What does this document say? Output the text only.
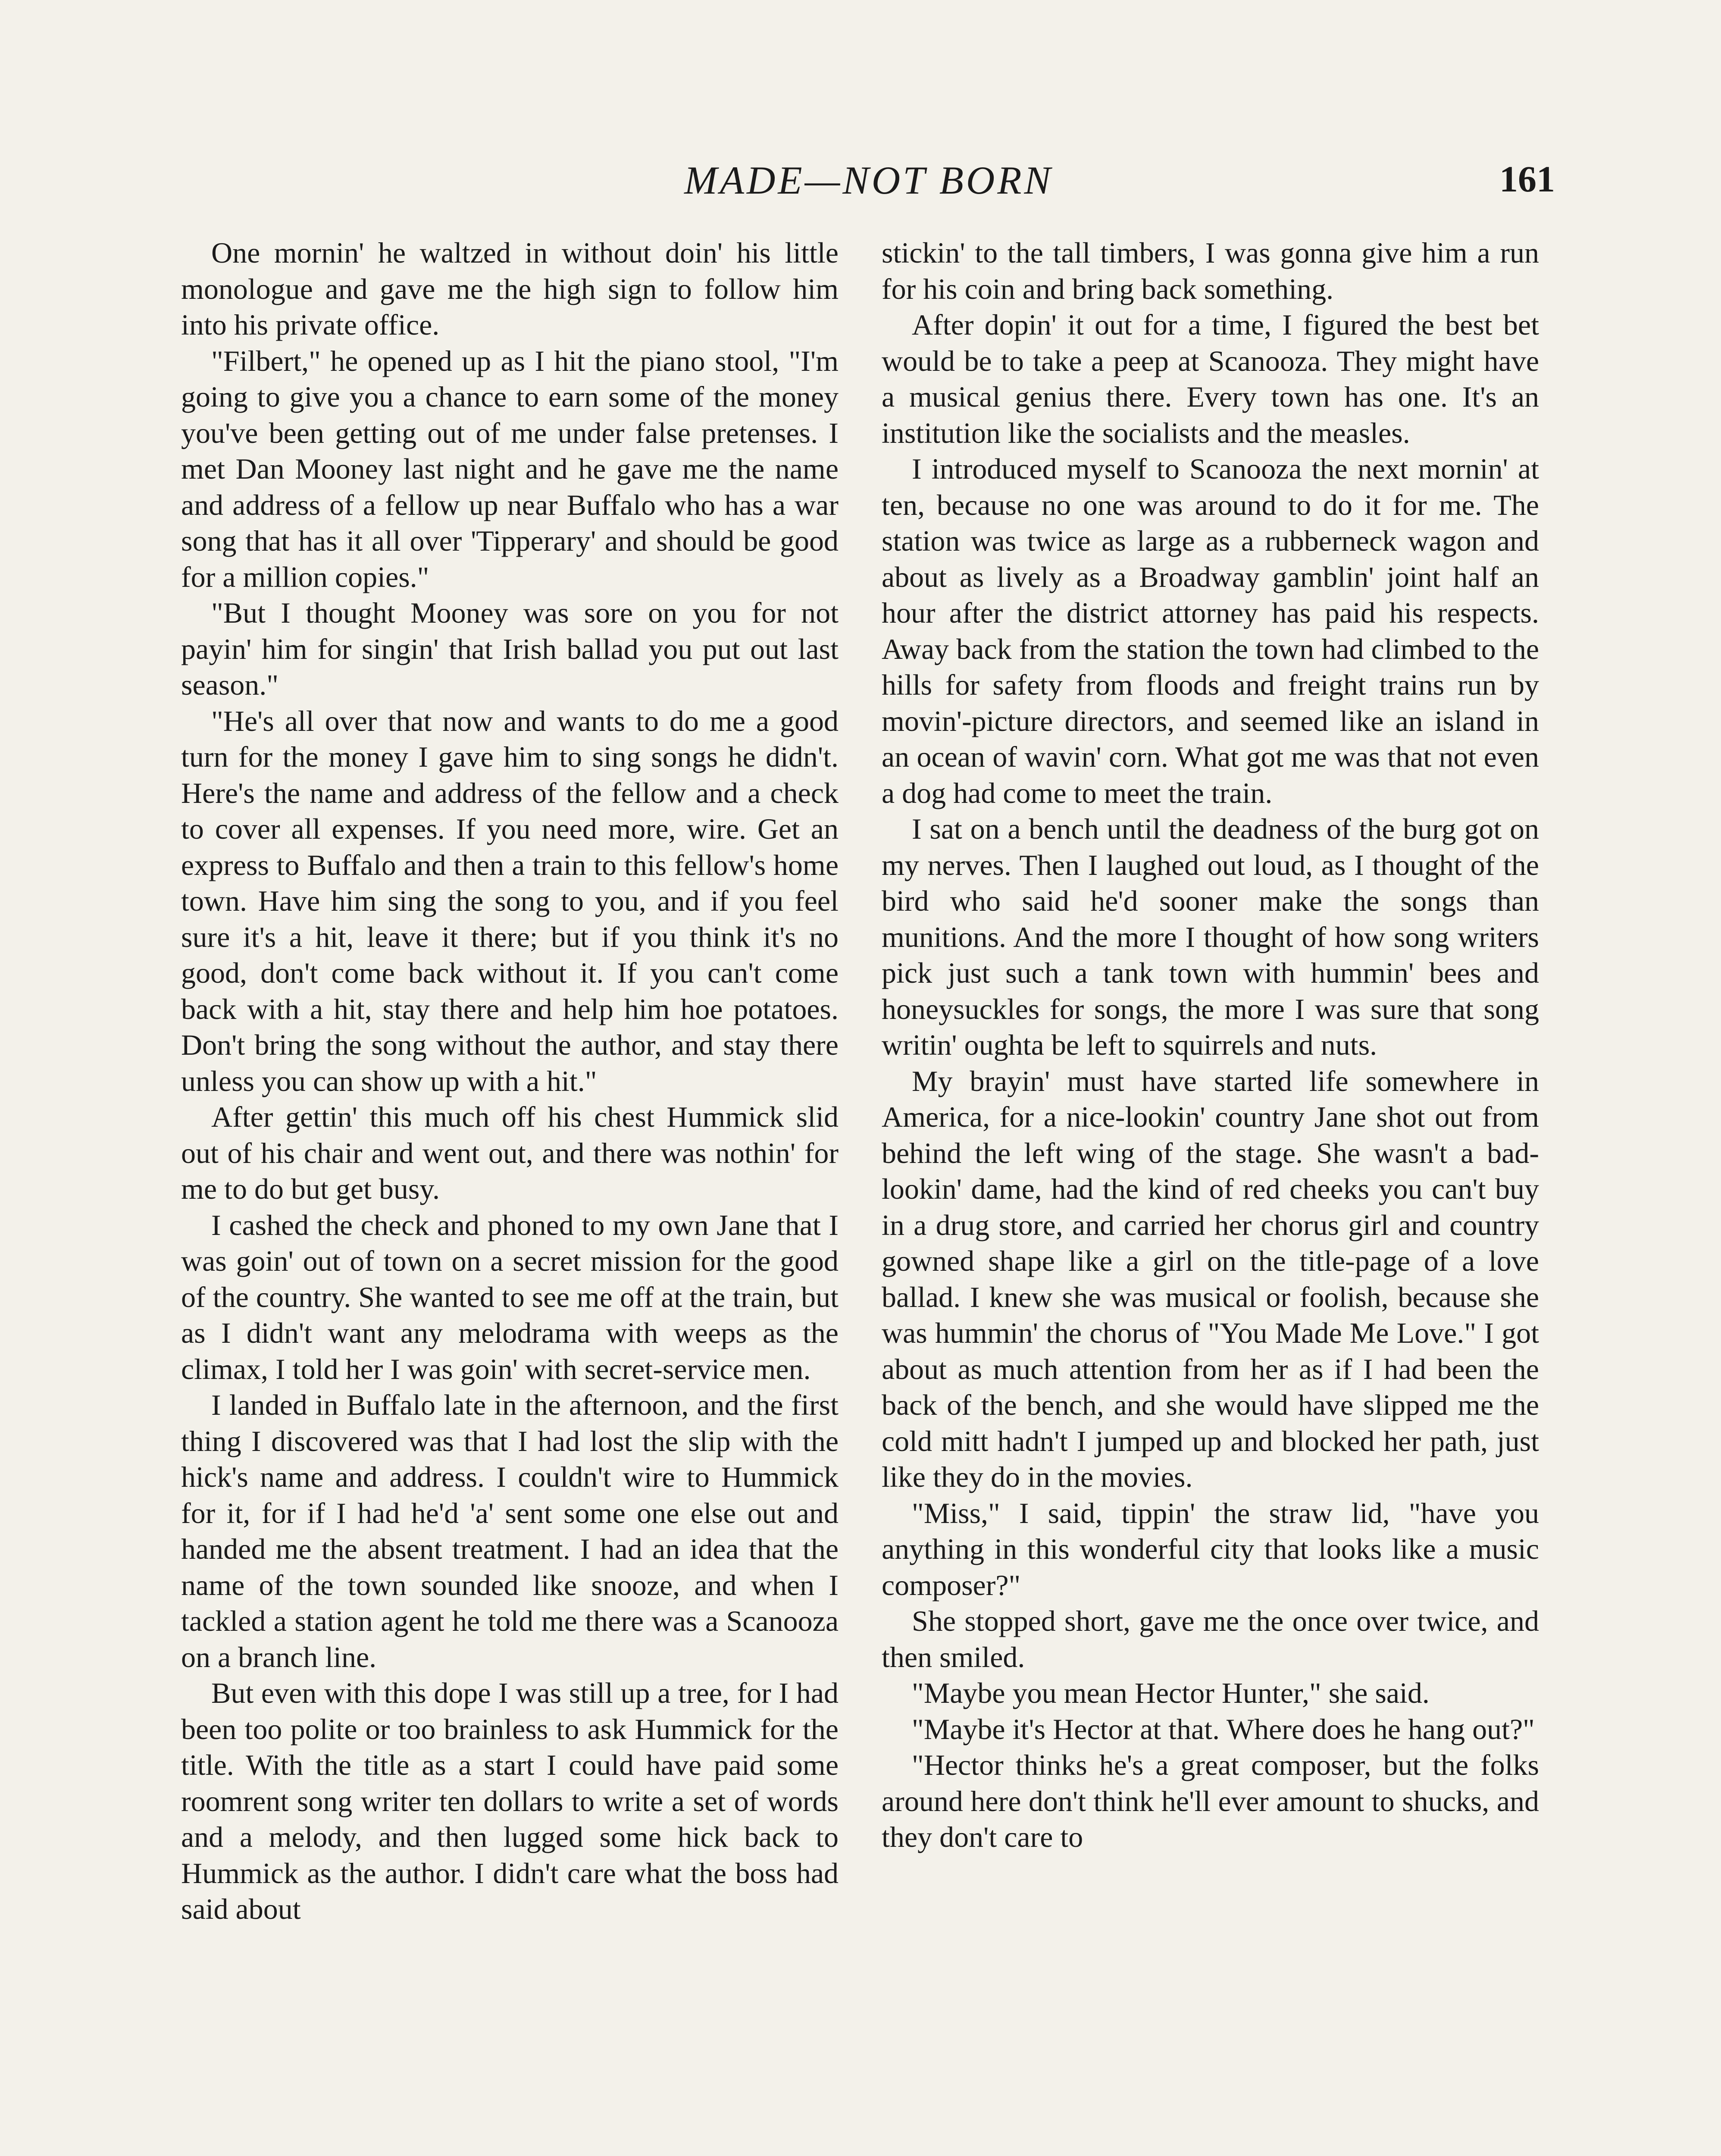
MADE—NOT BORN	161

One mornin' he waltzed in without doin' his little monologue and gave me the high sign to follow him into his private office.

"Filbert," he opened up as I hit the piano stool, "I'm going to give you a chance to earn some of the money you've been getting out of me under false pretenses. I met Dan Mooney last night and he gave me the name and address of a fellow up near Buffalo who has a war song that has it all over 'Tipperary' and should be good for a million copies."

"But I thought Mooney was sore on you for not payin' him for singin' that Irish ballad you put out last season."

"He's all over that now and wants to do me a good turn for the money I gave him to sing songs he didn't. Here's the name and address of the fellow and a check to cover all expenses. If you need more, wire. Get an express to Buffalo and then a train to this fellow's home town. Have him sing the song to you, and if you feel sure it's a hit, leave it there; but if you think it's no good, don't come back without it. If you can't come back with a hit, stay there and help him hoe potatoes. Don't bring the song without the author, and stay there unless you can show up with a hit."

After gettin' this much off his chest Hummick slid out of his chair and went out, and there was nothin' for me to do but get busy.

I cashed the check and phoned to my own Jane that I was goin' out of town on a secret mission for the good of the country. She wanted to see me off at the train, but as I didn't want any melodrama with weeps as the climax, I told her I was goin' with secret-service men.

I landed in Buffalo late in the afternoon, and the first thing I discovered was that I had lost the slip with the hick's name and address. I couldn't wire to Hummick for it, for if I had he'd 'a' sent some one else out and handed me the absent treatment. I had an idea that the name of the town sounded like snooze, and when I tackled a station agent he told me there was a Scanooza on a branch line.

But even with this dope I was still up a tree, for I had been too polite or too brainless to ask Hummick for the title. With the title as a start I could have paid some roomrent song writer ten dollars to write a set of words and a melody, and then lugged some hick back to Hummick as the author. I didn't care what the boss had said about

stickin' to the tall timbers, I was gonna give him a run for his coin and bring back something.

After dopin' it out for a time, I figured the best bet would be to take a peep at Scanooza. They might have a musical genius there. Every town has one. It's an institution like the socialists and the measles.

I introduced myself to Scanooza the next mornin' at ten, because no one was around to do it for me. The station was twice as large as a rubberneck wagon and about as lively as a Broadway gamblin' joint half an hour after the district attorney has paid his respects. Away back from the station the town had climbed to the hills for safety from floods and freight trains run by movin'-picture directors, and seemed like an island in an ocean of wavin' corn. What got me was that not even a dog had come to meet the train.

I sat on a bench until the deadness of the burg got on my nerves. Then I laughed out loud, as I thought of the bird who said he'd sooner make the songs than munitions. And the more I thought of how song writers pick just such a tank town with hummin' bees and honeysuckles for songs, the more I was sure that song writin' oughta be left to squirrels and nuts.

My brayin' must have started life somewhere in America, for a nice-lookin' country Jane shot out from behind the left wing of the stage. She wasn't a bad-lookin' dame, had the kind of red cheeks you can't buy in a drug store, and carried her chorus girl and country gowned shape like a girl on the title-page of a love ballad. I knew she was musical or foolish, because she was hummin' the chorus of "You Made Me Love." I got about as much attention from her as if I had been the back of the bench, and she would have slipped me the cold mitt hadn't I jumped up and blocked her path, just like they do in the movies.

"Miss," I said, tippin' the straw lid, "have you anything in this wonderful city that looks like a music composer?"

She stopped short, gave me the once over twice, and then smiled.

"Maybe you mean Hector Hunter," she said.

"Maybe it's Hector at that. Where does he hang out?"

"Hector thinks he's a great composer, but the folks around here don't think he'll ever amount to shucks, and they don't care to
